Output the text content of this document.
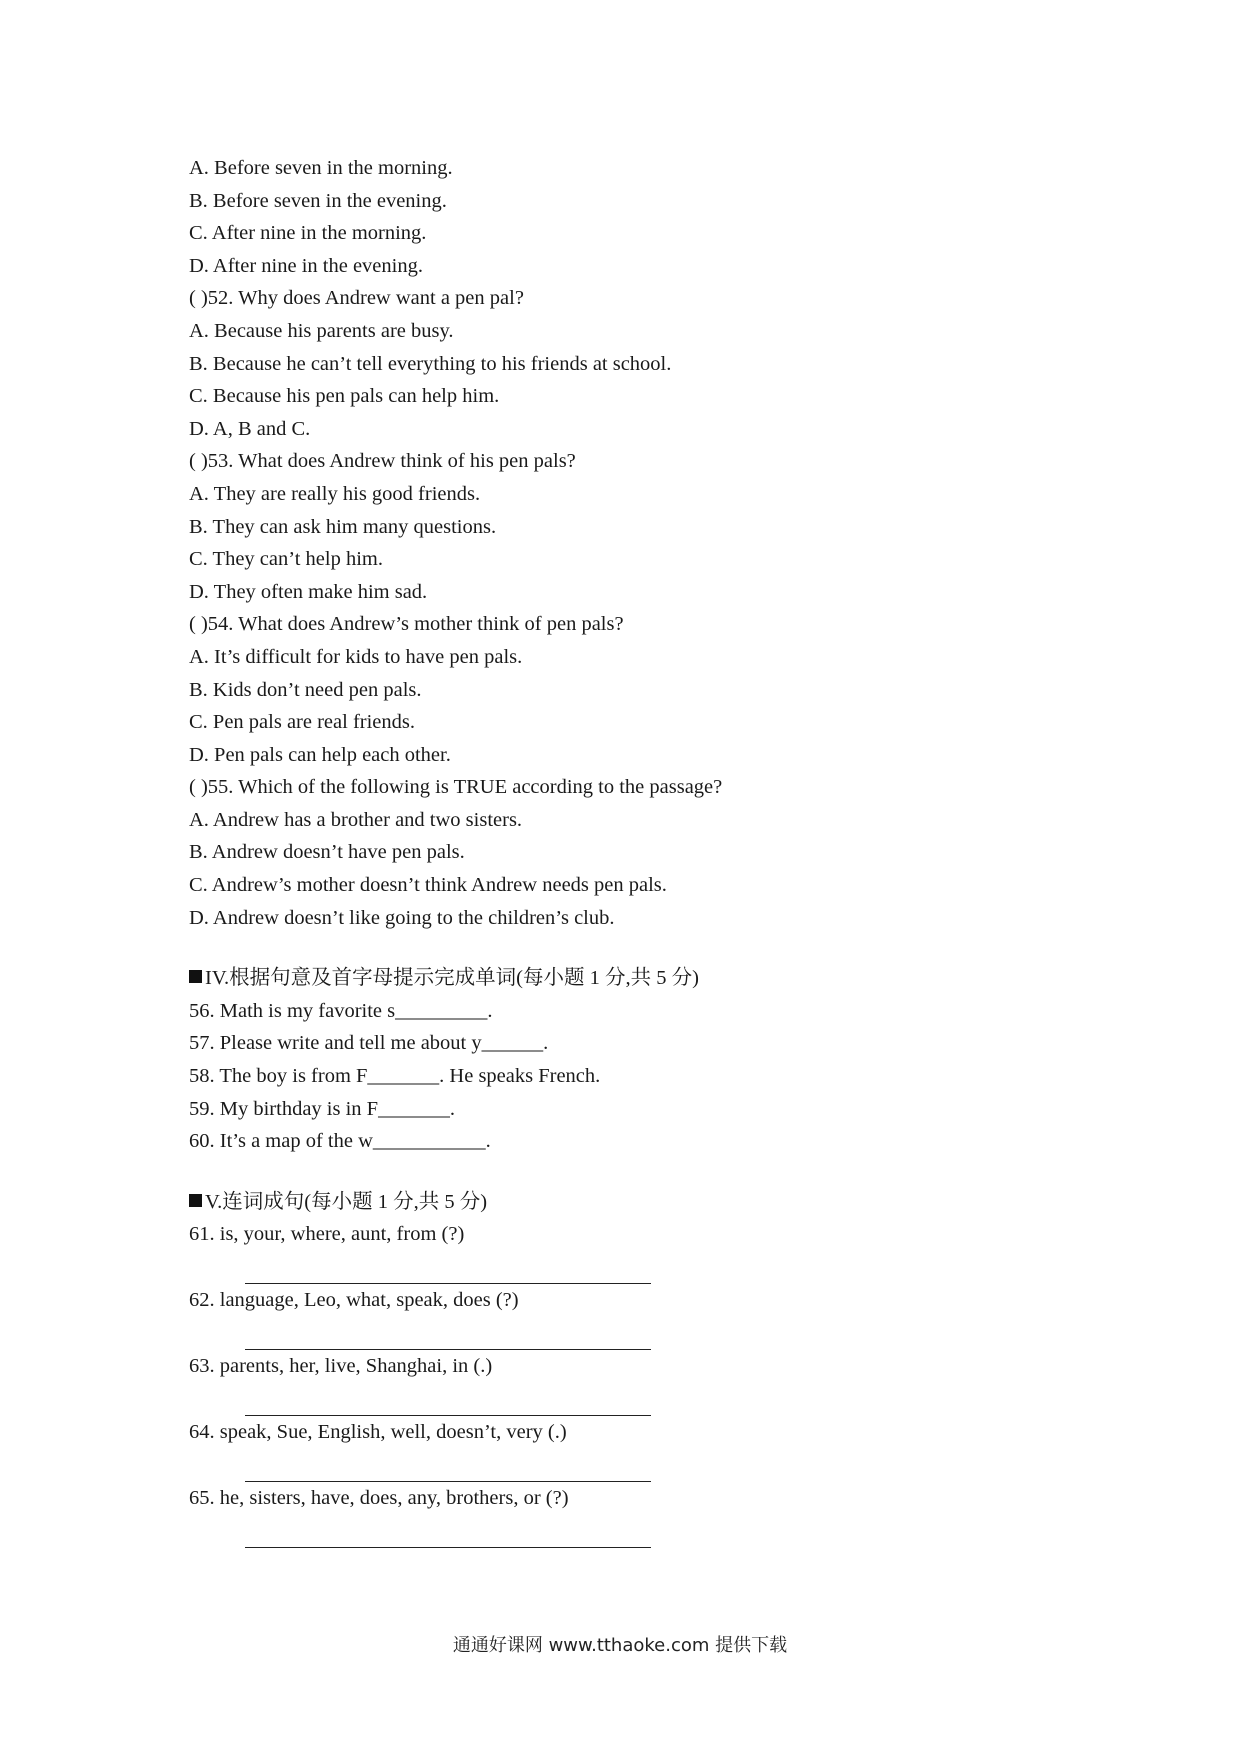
A. Before seven in the morning.
B. Before seven in the evening.
C. After nine in the morning.
D. After nine in the evening.
( )52. Why does Andrew want a pen pal?
A. Because his parents are busy.
B. Because he can’t tell everything to his friends at school.
C. Because his pen pals can help him.
D. A, B and C.
( )53. What does Andrew think of his pen pals?
A. They are really his good friends.
B. They can ask him many questions.
C. They can’t help him.
D. They often make him sad.
( )54. What does Andrew’s mother think of pen pals?
A. It’s difficult for kids to have pen pals.
B. Kids don’t need pen pals.
C. Pen pals are real friends.
D. Pen pals can help each other.
( )55. Which of the following is TRUE according to the passage?
A. Andrew has a brother and two sisters.
B. Andrew doesn’t have pen pals.
C. Andrew’s mother doesn’t think Andrew needs pen pals.
D. Andrew doesn’t like going to the children’s club.
IV.根据句意及首字母提示完成单词(每小题 1 分,共 5 分)
56. Math is my favorite s_________.
57. Please write and tell me about y______.
58. The boy is from F_______. He speaks French.
59. My birthday is in F_______.
60. It’s a map of the w___________.
V.连词成句(每小题 1 分,共 5 分)
61. is, your, where, aunt, from (?)
62. language, Leo, what, speak, does (?)
63. parents, her, live, Shanghai, in (.)
64. speak, Sue, English, well, doesn’t, very (.)
65. he, sisters, have, does, any, brothers, or (?)
通通好课网 www.tthaoke.com 提供下载
